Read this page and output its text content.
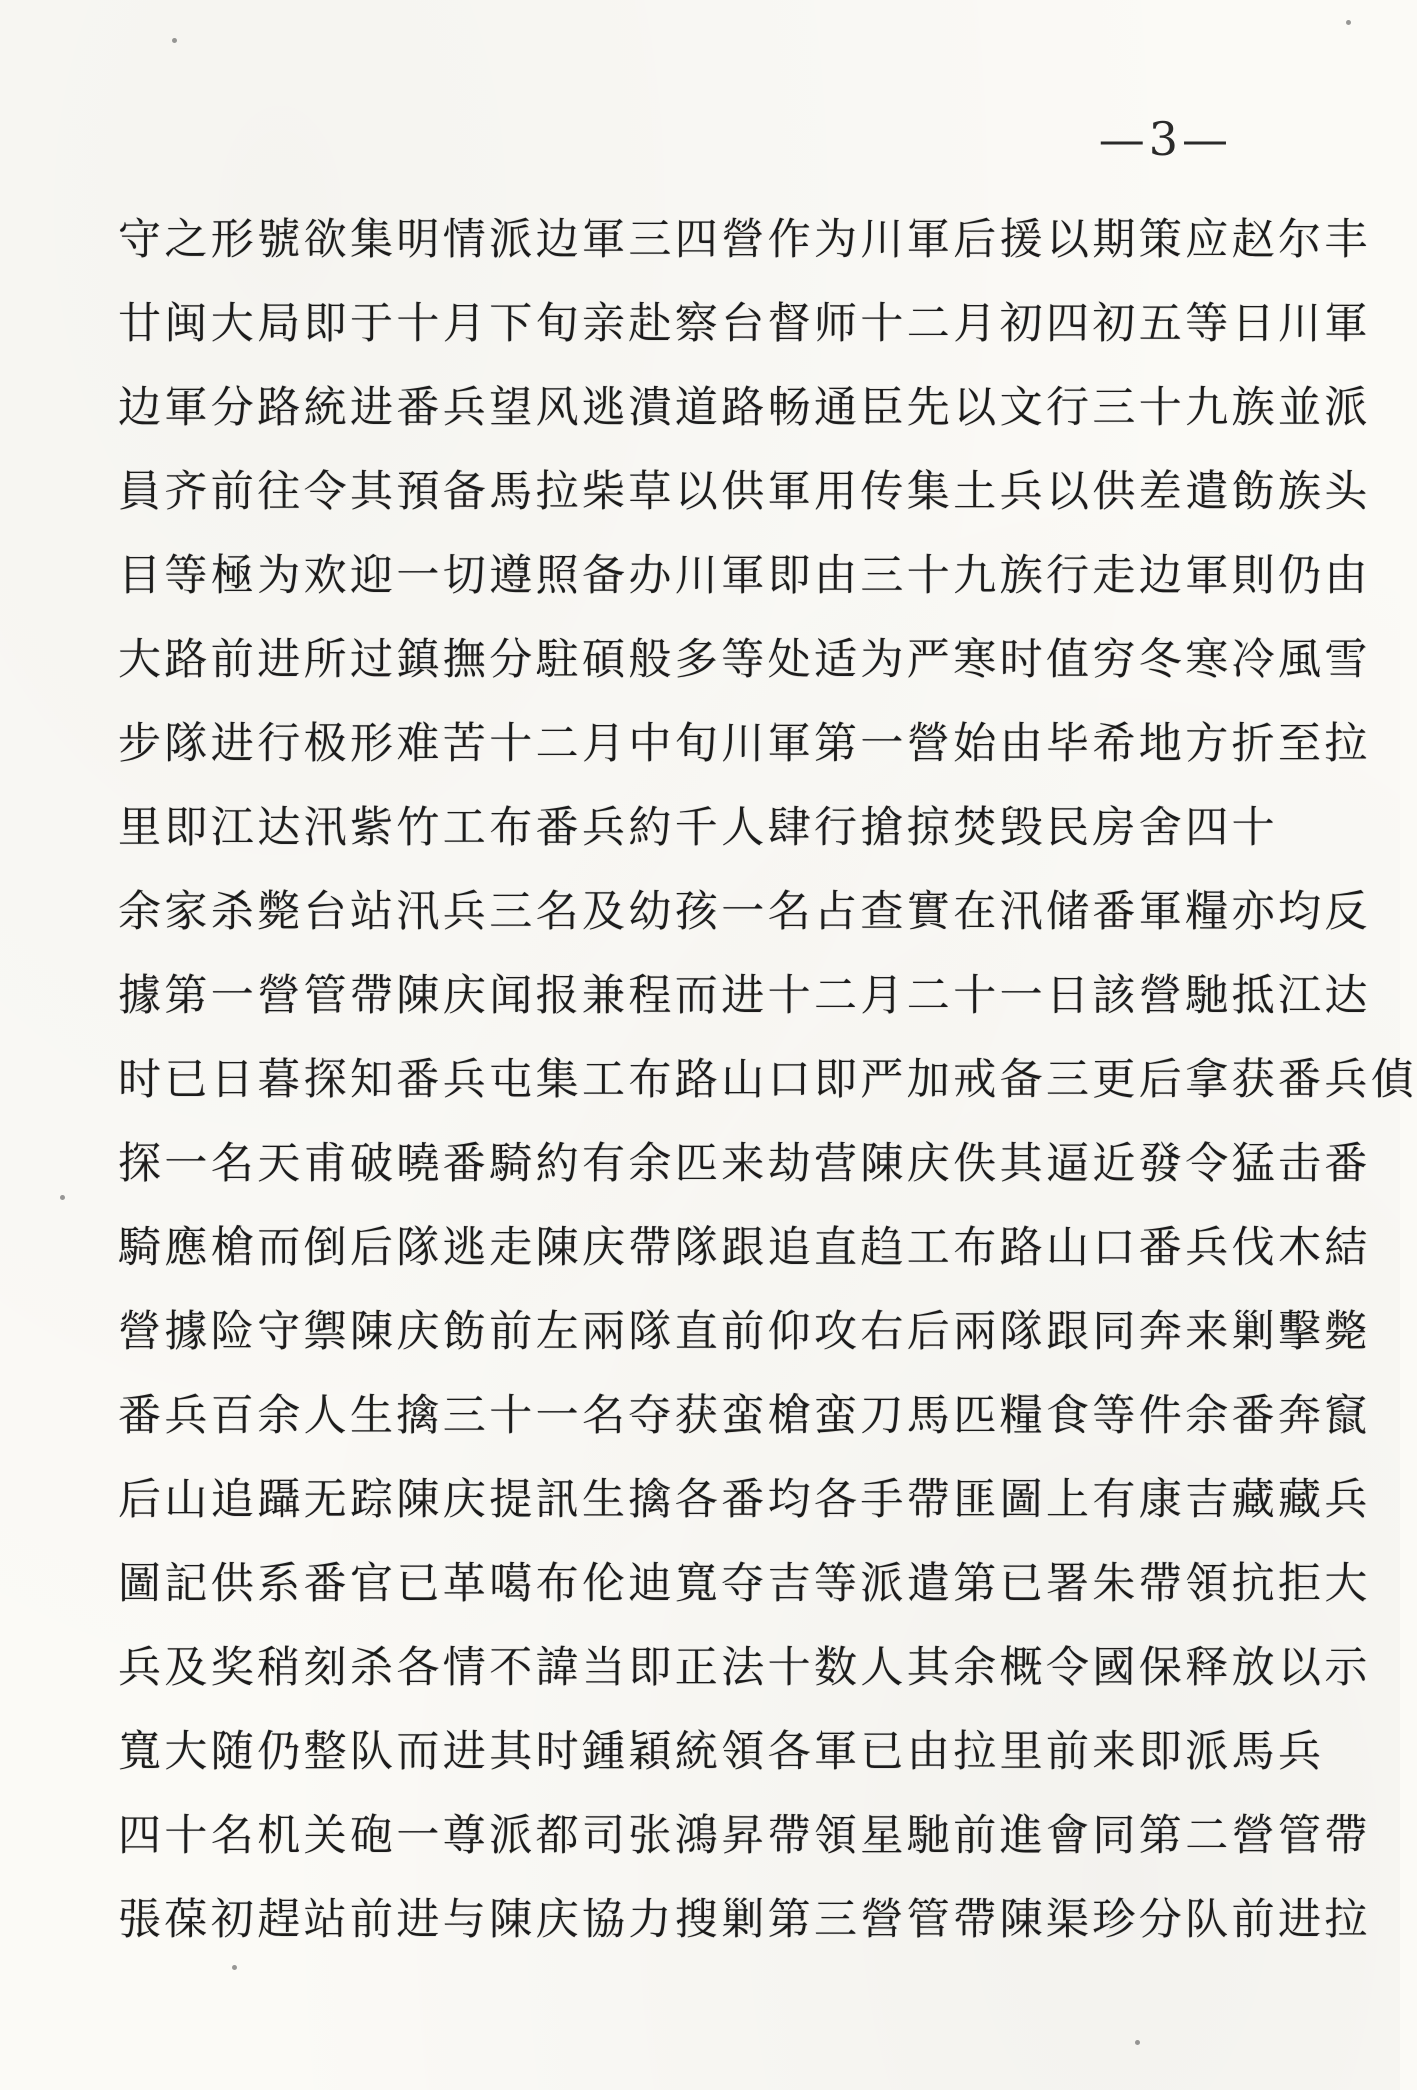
—3—
守之形號欲集明情派边軍三四營作为川軍后援以期策应赵尔丰
廿闽大局即于十月下旬亲赴察台督师十二月初四初五等日川軍
边軍分路統进番兵望风逃潰道路畅通臣先以文行三十九族並派
員齐前往令其預备馬拉柴草以供軍用传集土兵以供差遣飭族头
目等極为欢迎一切遵照备办川軍即由三十九族行走边軍則仍由
大路前进所过鎮撫分駐碩般多等处适为严寒时值穷冬寒冷風雪
步隊进行极形难苦十二月中旬川軍第一營始由毕希地方折至拉
里即江达汛紫竹工布番兵約千人肆行搶掠焚毁民房舍四十
余家杀斃台站汛兵三名及幼孩一名占查實在汛储番軍糧亦均反
據第一營管帶陳庆闻报兼程而进十二月二十一日該營馳抵江达
时已日暮探知番兵屯集工布路山口即严加戒备三更后拿获番兵偵
探一名天甫破曉番騎約有余匹来劫营陳庆佚其逼近發令猛击番
騎應槍而倒后隊逃走陳庆帶隊跟追直趋工布路山口番兵伐木結
營據险守禦陳庆飭前左兩隊直前仰攻右后兩隊跟同奔来剿擊斃
番兵百余人生擒三十一名夺获蛮槍蛮刀馬匹糧食等件余番奔竄
后山追躡无踪陳庆提訊生擒各番均各手帶匪圖上有康吉藏藏兵
圖記供系番官已革噶布伦迪寬夺吉等派遣第已署朱帶領抗拒大
兵及奖稍刻杀各情不諱当即正法十数人其余概令國保释放以示
寬大随仍整队而进其时鍾穎統領各軍已由拉里前来即派馬兵
四十名机关砲一尊派都司张鴻昇帶領星馳前進會同第二營管帶
張葆初趕站前进与陳庆協力搜剿第三營管帶陳渠珍分队前进拉
